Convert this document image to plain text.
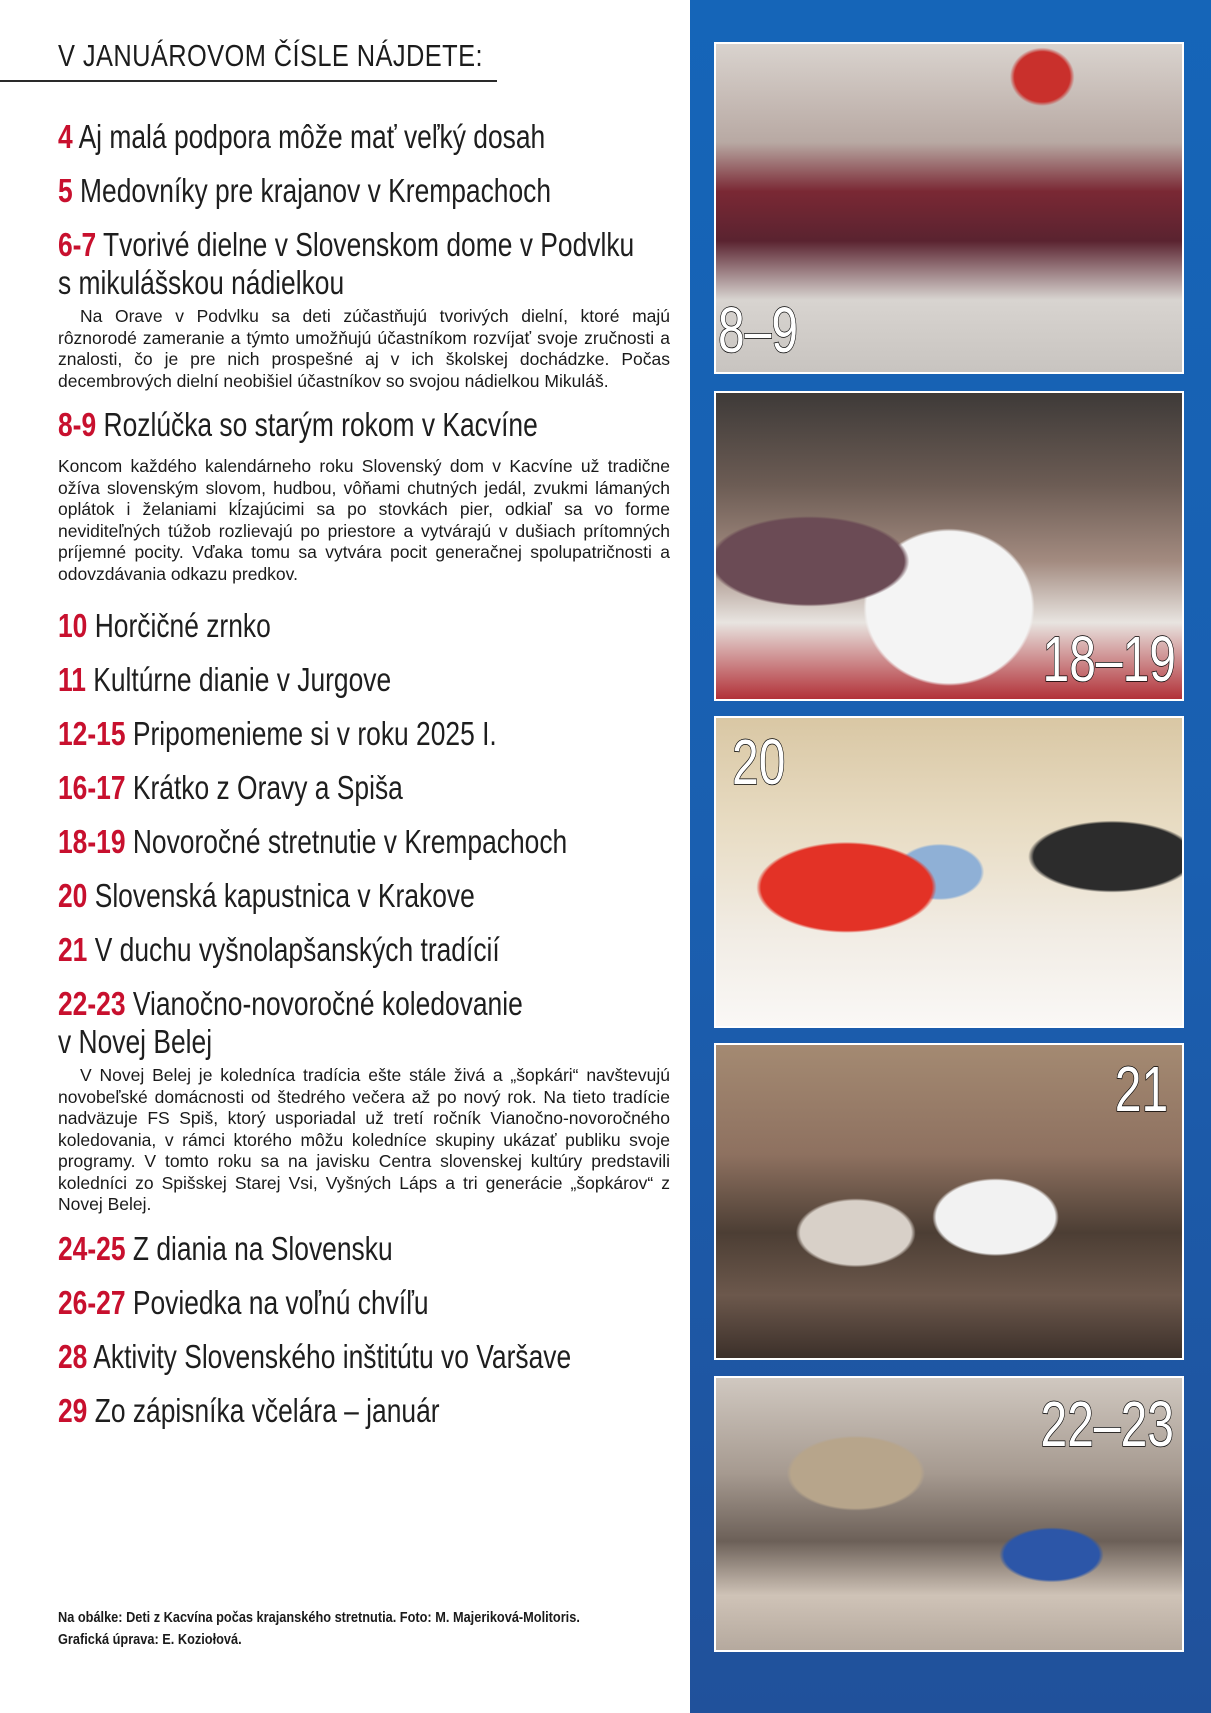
V JANUÁROVOM ČÍSLE NÁJDETE:
4 Aj malá podpora môže mať veľký dosah
5 Medovníky pre krajanov v Krempachoch
6-7 Tvorivé dielne v Slovenskom dome v Podvlku
s mikulášskou nádielkou
Na Orave v Podvlku sa deti zúčastňujú tvorivých dielní, ktoré majú rôznorodé zameranie a týmto umožňujú účastníkom rozvíjať svoje zručnosti a znalosti, čo je pre nich prospešné aj v ich školskej dochádzke. Počas decembrových dielní neobišiel účastníkov so svojou nádielkou Mikuláš.
8-9 Rozlúčka so starým rokom v Kacvíne
Koncom každého kalendárneho roku Slovenský dom v Kacvíne už tradične ožíva slovenským slovom, hudbou, vôňami chutných jedál, zvukmi lámaných oplátok i želaniami kĺzajúcimi sa po stovkách pier, odkiaľ sa vo forme neviditeľných túžob rozlievajú po priestore a vytvárajú v dušiach prítomných príjemné pocity. Vďaka tomu sa vytvára pocit generačnej spolupatričnosti a odovzdávania odkazu predkov.
10 Horčičné zrnko
11 Kultúrne dianie v Jurgove
12-15 Pripomenieme si v roku 2025 I.
16-17 Krátko z Oravy a Spiša
18-19 Novoročné stretnutie v Krempachoch
20 Slovenská kapustnica v Krakove
21 V duchu vyšnolapšanských tradícií
22-23 Vianočno-novoročné koledovanie
v Novej Belej
V Novej Belej je koledníca tradícia ešte stále živá a „šopkári“ navštevujú novobeľské domácnosti od štedrého večera až po nový rok. Na tieto tradície nadväzuje FS Spiš, ktorý usporiadal už tretí ročník Vianočno-novoročného koledovania, v rámci ktorého môžu koledníce skupiny ukázať publiku svoje programy. V tomto roku sa na javisku Centra slovenskej kultúry predstavili koledníci zo Spišskej Starej Vsi, Vyšných Láps a tri generácie „šopkárov“ z Novej Belej.
24-25 Z diania na Slovensku
26-27 Poviedka na voľnú chvíľu
28 Aktivity Slovenského inštitútu vo Varšave
29 Zo zápisníka včelára – január
Na obálke: Deti z Kacvína počas krajanského stretnutia. Foto: M. Majeriková-Molitoris.
Grafická úprava: E. Koziołová.
8–9
18–19
20
21
22–23
